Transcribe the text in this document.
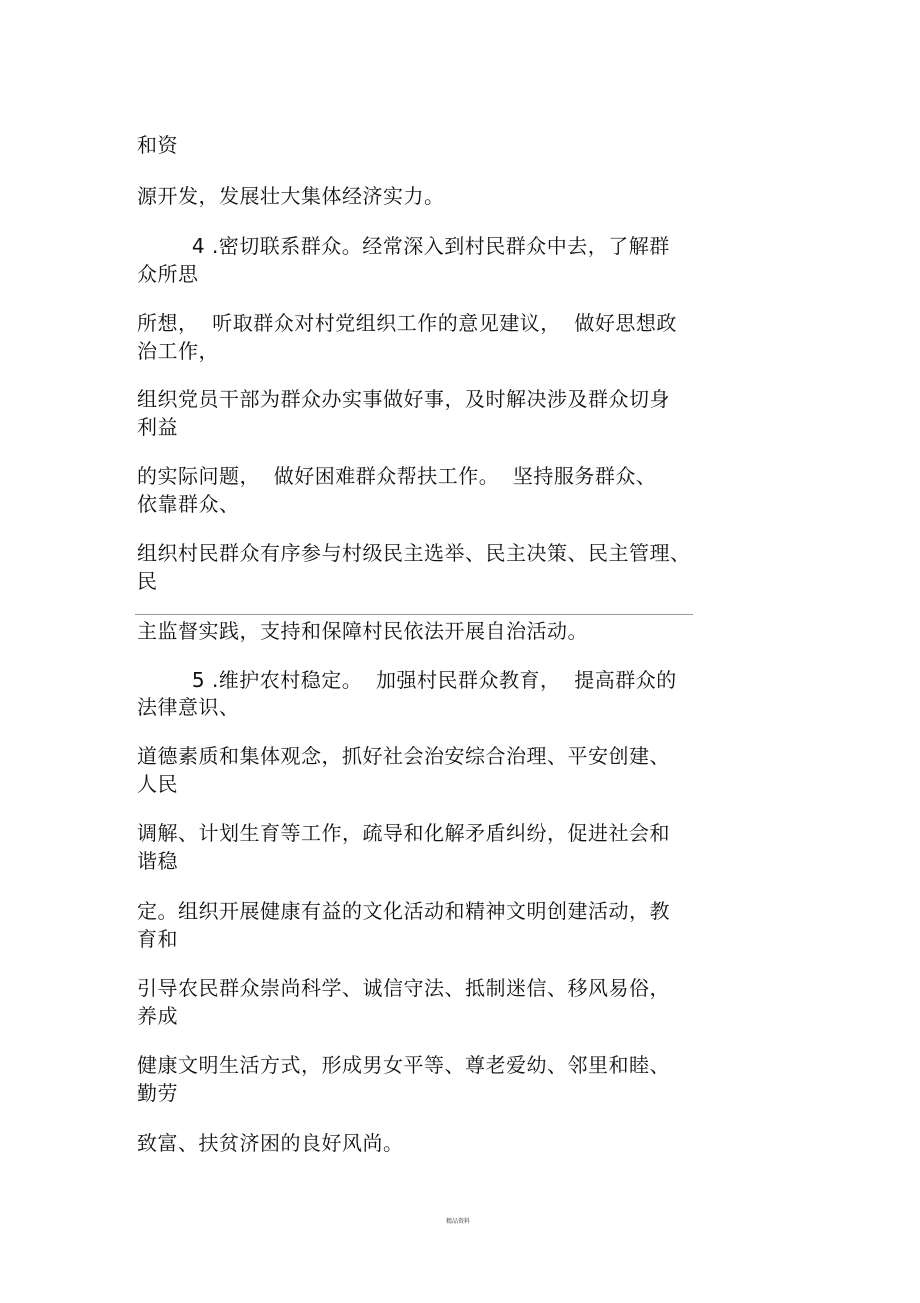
和资
源开发，发展壮大集体经济实力。
4 .密切联系群众。经常深入到村民群众中去，了解群
众所思
所想，  听取群众对村党组织工作的意见建议，  做好思想政
治工作，
组织党员干部为群众办实事做好事，及时解决涉及群众切身
利益
的实际问题，  做好困难群众帮扶工作。  坚持服务群众、
依靠群众、
组织村民群众有序参与村级民主选举、民主决策、民主管理、
民
主监督实践，支持和保障村民依法开展自治活动。
5 .维护农村稳定。  加强村民群众教育，  提高群众的
法律意识、
道德素质和集体观念，抓好社会治安综合治理、平安创建、
人民
调解、计划生育等工作，疏导和化解矛盾纠纷，促进社会和
谐稳
定。组织开展健康有益的文化活动和精神文明创建活动，教
育和
引导农民群众崇尚科学、诚信守法、抵制迷信、移风易俗，
养成
健康文明生活方式，形成男女平等、尊老爱幼、邻里和睦、
勤劳
致富、扶贫济困的良好风尚。
精品资料
